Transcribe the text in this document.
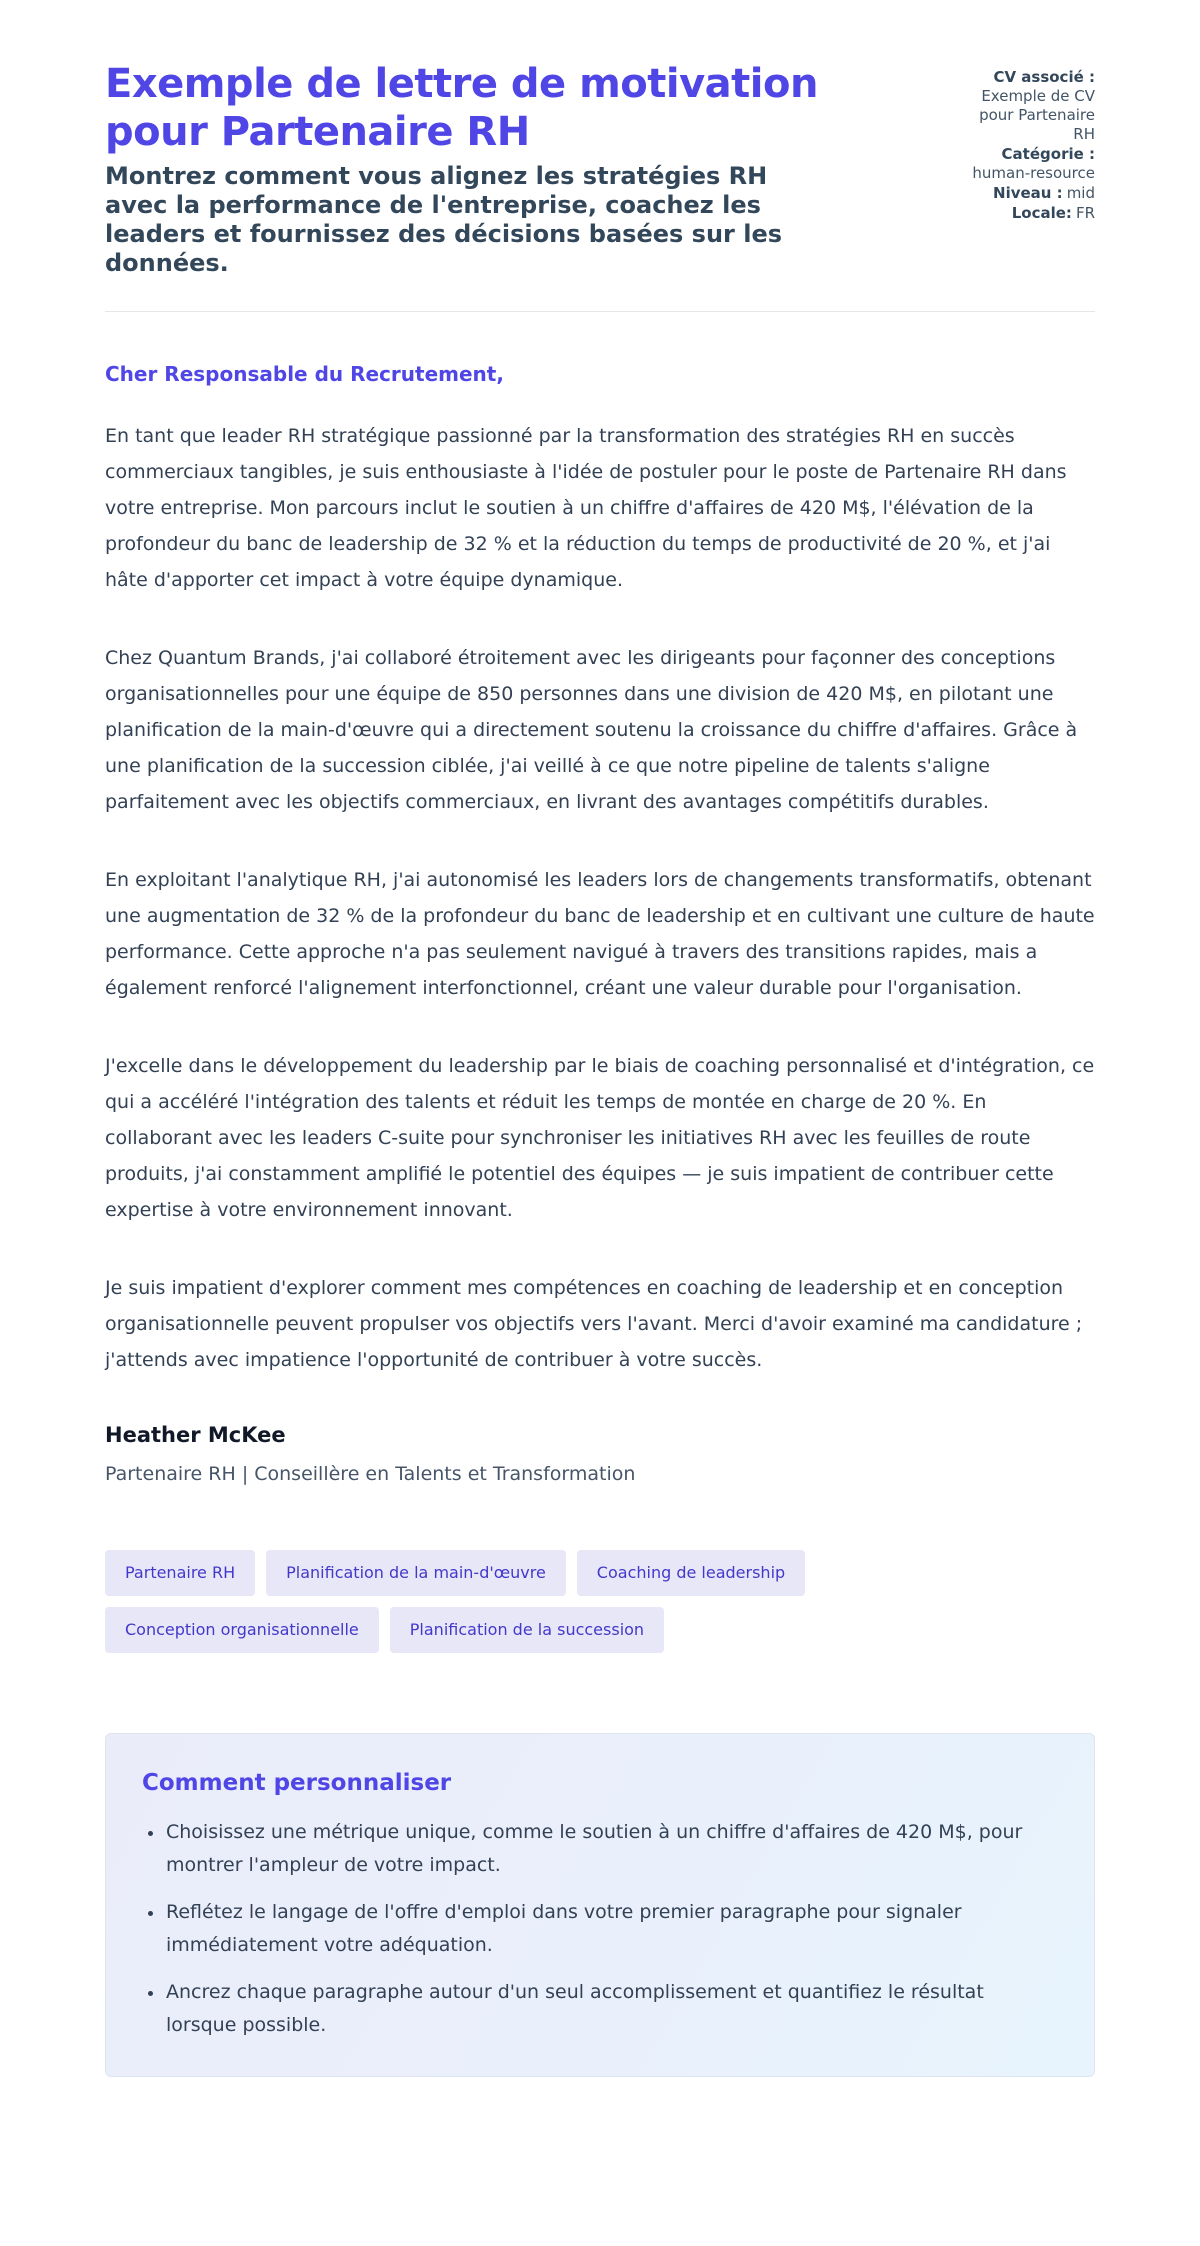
Exemple de lettre de motivation pour Partenaire RH

Montrez comment vous alignez les stratégies RH avec la performance de l'entreprise, coachez les leaders et fournissez des décisions basées sur les données.

CV associé :
Exemple de CV pour Partenaire RH
Catégorie :
human-resource
Niveau : mid
Locale: FR

Cher Responsable du Recrutement,

En tant que leader RH stratégique passionné par la transformation des stratégies RH en succès commerciaux tangibles, je suis enthousiaste à l'idée de postuler pour le poste de Partenaire RH dans votre entreprise. Mon parcours inclut le soutien à un chiffre d'affaires de 420 M$, l'élévation de la profondeur du banc de leadership de 32 % et la réduction du temps de productivité de 20 %, et j'ai hâte d'apporter cet impact à votre équipe dynamique.

Chez Quantum Brands, j'ai collaboré étroitement avec les dirigeants pour façonner des conceptions organisationnelles pour une équipe de 850 personnes dans une division de 420 M$, en pilotant une planification de la main-d'œuvre qui a directement soutenu la croissance du chiffre d'affaires. Grâce à une planification de la succession ciblée, j'ai veillé à ce que notre pipeline de talents s'aligne parfaitement avec les objectifs commerciaux, en livrant des avantages compétitifs durables.

En exploitant l'analytique RH, j'ai autonomisé les leaders lors de changements transformatifs, obtenant une augmentation de 32 % de la profondeur du banc de leadership et en cultivant une culture de haute performance. Cette approche n'a pas seulement navigué à travers des transitions rapides, mais a également renforcé l'alignement interfonctionnel, créant une valeur durable pour l'organisation.

J'excelle dans le développement du leadership par le biais de coaching personnalisé et d'intégration, ce qui a accéléré l'intégration des talents et réduit les temps de montée en charge de 20 %. En collaborant avec les leaders C-suite pour synchroniser les initiatives RH avec les feuilles de route produits, j'ai constamment amplifié le potentiel des équipes — je suis impatient de contribuer cette expertise à votre environnement innovant.

Je suis impatient d'explorer comment mes compétences en coaching de leadership et en conception organisationnelle peuvent propulser vos objectifs vers l'avant. Merci d'avoir examiné ma candidature ; j'attends avec impatience l'opportunité de contribuer à votre succès.

Heather McKee
Partenaire RH | Conseillère en Talents et Transformation
Partenaire RH	Planification de la main-d'œuvre	Coaching de leadership
Conception organisationnelle	Planification de la succession
Comment personnaliser
• Choisissez une métrique unique, comme le soutien à un chiffre d'affaires de 420 M$, pour montrer l'ampleur de votre impact.
• Reflétez le langage de l'offre d'emploi dans votre premier paragraphe pour signaler immédiatement votre adéquation.
• Ancrez chaque paragraphe autour d'un seul accomplissement et quantifiez le résultat lorsque possible.
